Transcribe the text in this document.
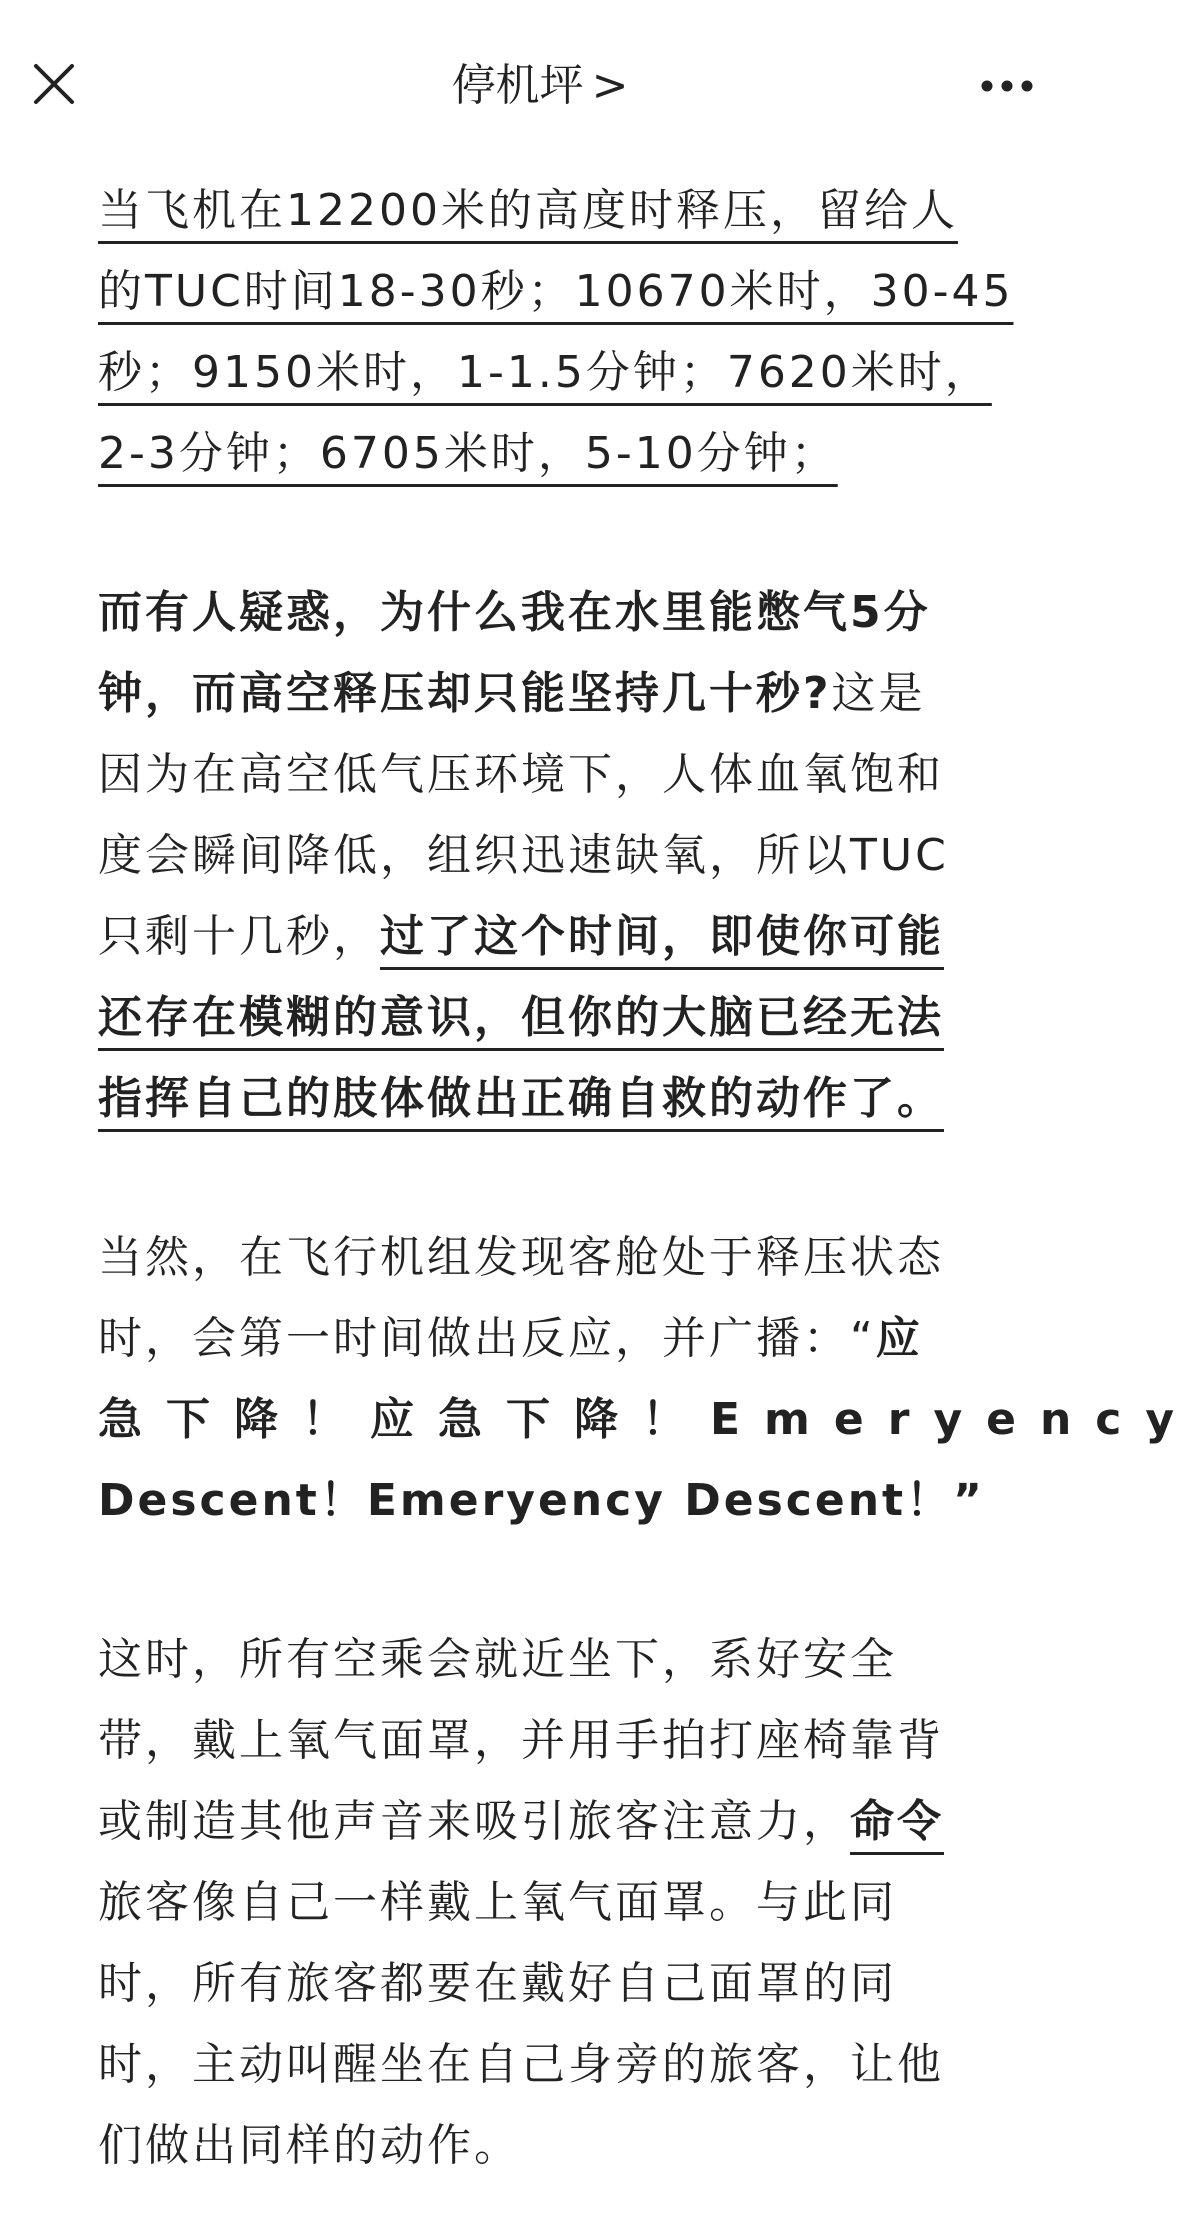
停机坪 >
当飞机在12200米的高度时释压，留给人
的TUC时间18-30秒；10670米时，30-45
秒；9150米时，1-1.5分钟；7620米时，
2-3分钟；6705米时，5-10分钟；
而有人疑惑，为什么我在水里能憋气5分
钟，而高空释压却只能坚持几十秒?这是
因为在高空低气压环境下，人体血氧饱和
度会瞬间降低，组织迅速缺氧，所以TUC
只剩十几秒，过了这个时间，即使你可能
还存在模糊的意识，但你的大脑已经无法
指挥自己的肢体做出正确自救的动作了。
当然，在飞行机组发现客舱处于释压状态
时，会第一时间做出反应，并广播：“应
急下降！应急下降！Emeryency
Descent！Emeryency Descent！”
这时，所有空乘会就近坐下，系好安全
带，戴上氧气面罩，并用手拍打座椅靠背
或制造其他声音来吸引旅客注意力，命令
旅客像自己一样戴上氧气面罩。与此同
时，所有旅客都要在戴好自己面罩的同
时，主动叫醒坐在自己身旁的旅客，让他
们做出同样的动作。
